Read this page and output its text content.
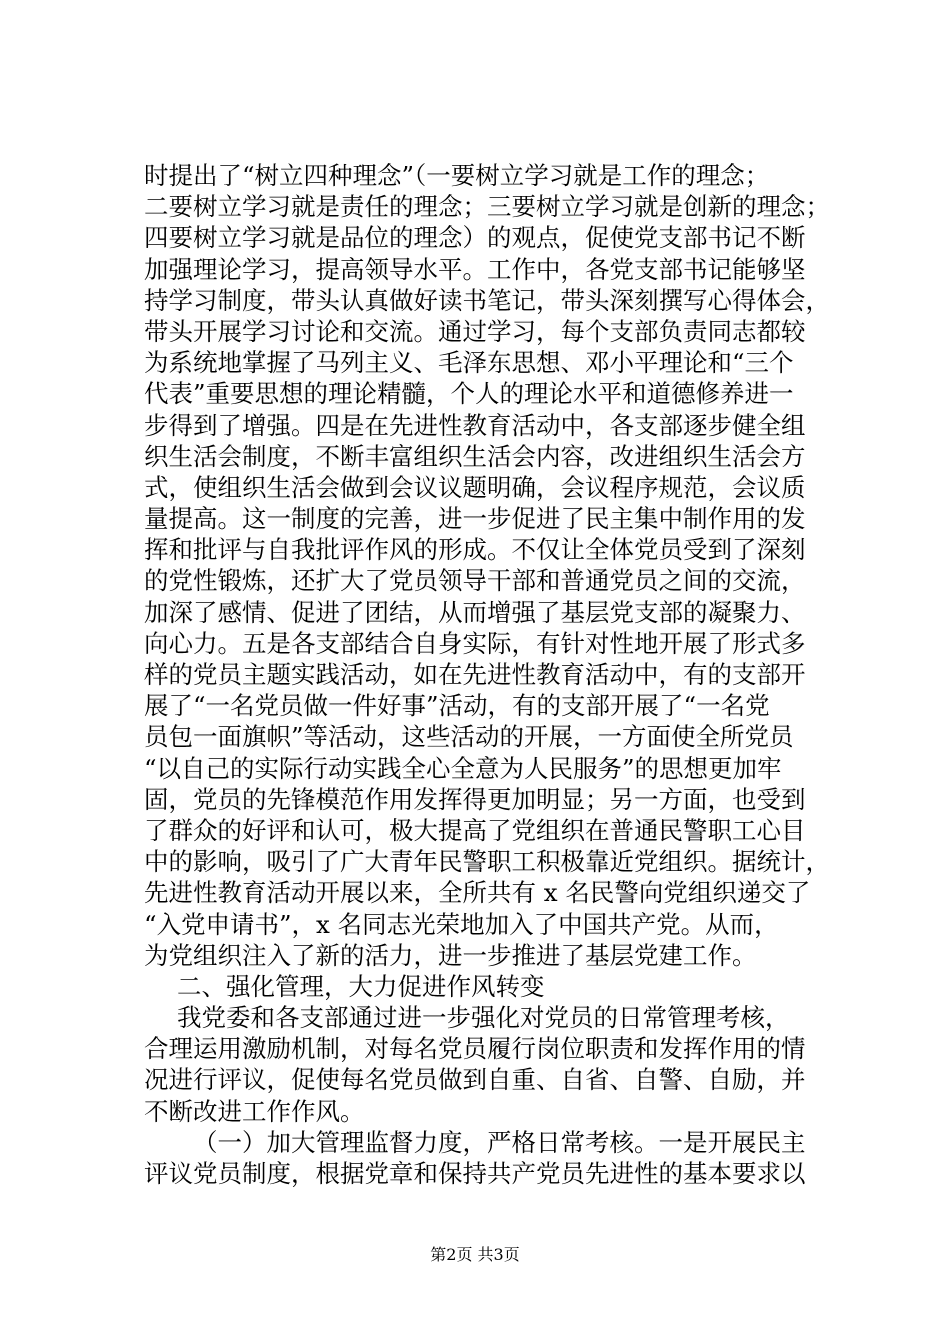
时提出了“树立四种理念”（一要树立学习就是工作的理念；
二要树立学习就是责任的理念；三要树立学习就是创新的理念；
四要树立学习就是品位的理念）的观点，促使党支部书记不断
加强理论学习，提高领导水平。工作中，各党支部书记能够坚
持学习制度，带头认真做好读书笔记，带头深刻撰写心得体会，
带头开展学习讨论和交流。通过学习，每个支部负责同志都较
为系统地掌握了马列主义、毛泽东思想、邓小平理论和“三个
代表”重要思想的理论精髓，个人的理论水平和道德修养进一
步得到了增强。四是在先进性教育活动中，各支部逐步健全组
织生活会制度，不断丰富组织生活会内容，改进组织生活会方
式，使组织生活会做到会议议题明确，会议程序规范，会议质
量提高。这一制度的完善，进一步促进了民主集中制作用的发
挥和批评与自我批评作风的形成。不仅让全体党员受到了深刻
的党性锻炼，还扩大了党员领导干部和普通党员之间的交流，
加深了感情、促进了团结，从而增强了基层党支部的凝聚力、
向心力。五是各支部结合自身实际，有针对性地开展了形式多
样的党员主题实践活动，如在先进性教育活动中，有的支部开
展了“一名党员做一件好事”活动，有的支部开展了“一名党
员包一面旗帜”等活动，这些活动的开展，一方面使全所党员
“以自己的实际行动实践全心全意为人民服务”的思想更加牢
固，党员的先锋模范作用发挥得更加明显；另一方面，也受到
了群众的好评和认可，极大提高了党组织在普通民警职工心目
中的影响，吸引了广大青年民警职工积极靠近党组织。据统计，
先进性教育活动开展以来，全所共有 x 名民警向党组织递交了
“入党申请书”，x 名同志光荣地加入了中国共产党。从而，
为党组织注入了新的活力，进一步推进了基层党建工作。
二、强化管理，大力促进作风转变
我党委和各支部通过进一步强化对党员的日常管理考核，
合理运用激励机制，对每名党员履行岗位职责和发挥作用的情
况进行评议，促使每名党员做到自重、自省、自警、自励，并
不断改进工作作风。
（一）加大管理监督力度，严格日常考核。一是开展民主
评议党员制度，根据党章和保持共产党员先进性的基本要求以
第2页 共3页
